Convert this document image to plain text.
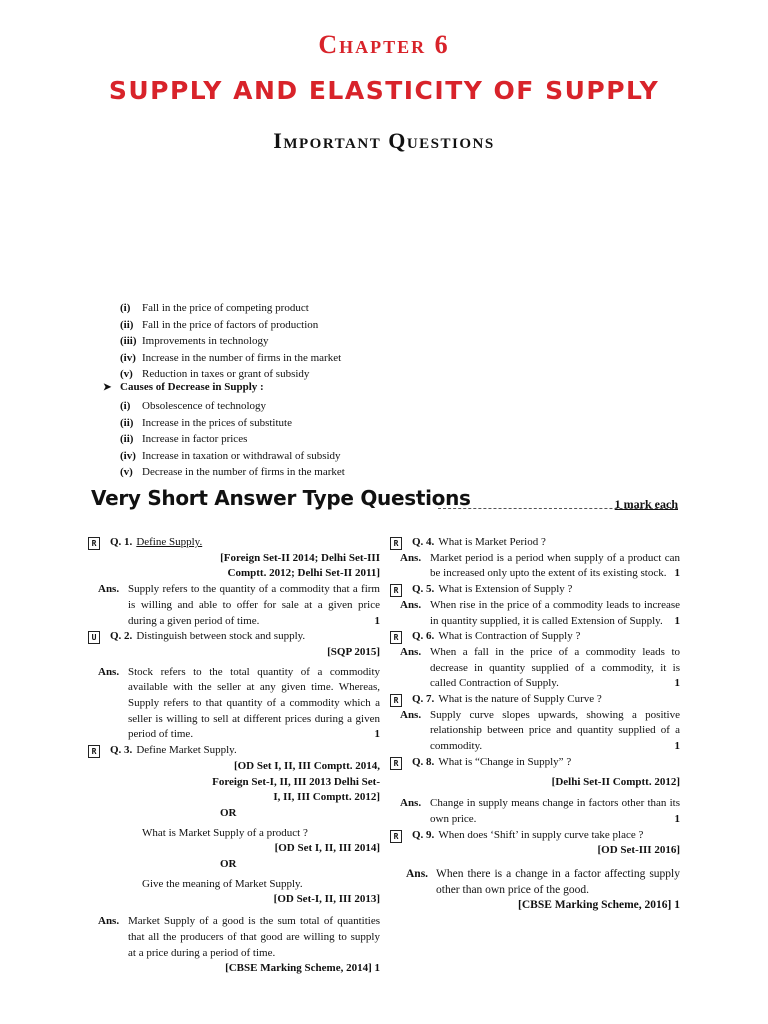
Chapter 6
SUPPLY AND ELASTICITY OF SUPPLY
Important Questions
(i) Fall in the price of competing product
(ii) Fall in the price of factors of production
(iii) Improvements in technology
(iv) Increase in the number of firms in the market
(v) Reduction in taxes or grant of subsidy
➤ Causes of Decrease in Supply :
(i) Obsolescence of technology
(ii) Increase in the prices of substitute
(ii) Increase in factor prices
(iv) Increase in taxation or withdrawal of subsidy
(v) Decrease in the number of firms in the market
Very Short Answer Type Questions	1 mark each
R	Q. 1. Define Supply.
[Foreign Set-II 2014; Delhi Set-III Comptt. 2012; Delhi Set-II 2011]
Ans. Supply refers to the quantity of a commodity that a firm is willing and able to offer for sale at a given price during a given period of time.	1
U	Q. 2. Distinguish between stock and supply.
[SQP 2015]
Ans. Stock refers to the total quantity of a commodity available with the seller at any given time. Whereas, Supply refers to that quantity of a commodity which a seller is willing to sell at different prices during a given period of time.	1
R	Q. 3. Define Market Supply.
[OD Set I, II, III Comptt. 2014, Foreign Set-I, II, III 2013 Delhi Set-I, II, III Comptt. 2012]
OR
What is Market Supply of a product ?
[OD Set I, II, III 2014]
OR
Give the meaning of Market Supply.
[OD Set-I, II, III 2013]
Ans. Market Supply of a good is the sum total of quantities that all the producers of that good are willing to supply at a price during a period of time.
[CBSE Marking Scheme, 2014] 1
R	Q. 4. What is Market Period ?
Ans. Market period is a period when supply of a product can be increased only upto the extent of its existing stock. 1
R	Q. 5. What is Extension of Supply ?
Ans. When rise in the price of a commodity leads to increase in quantity supplied, it is called Extension of Supply. 1
R	Q. 6. What is Contraction of Supply ?
Ans. When a fall in the price of a commodity leads to decrease in quantity supplied of a commodity, it is called Contraction of Supply.	1
R	Q. 7. What is the nature of Supply Curve ?
Ans. Supply curve slopes upwards, showing a positive relationship between price and quantity supplied of a commodity.	1
R	Q. 8. What is “Change in Supply” ?
[Delhi Set-II Comptt. 2012]
Ans. Change in supply means change in factors other than its own price.	1
R	Q. 9. When does ‘Shift’ in supply curve take place ?
[OD Set-III 2016]
Ans. When there is a change in a factor affecting supply other than own price of the good.
[CBSE Marking Scheme, 2016] 1
